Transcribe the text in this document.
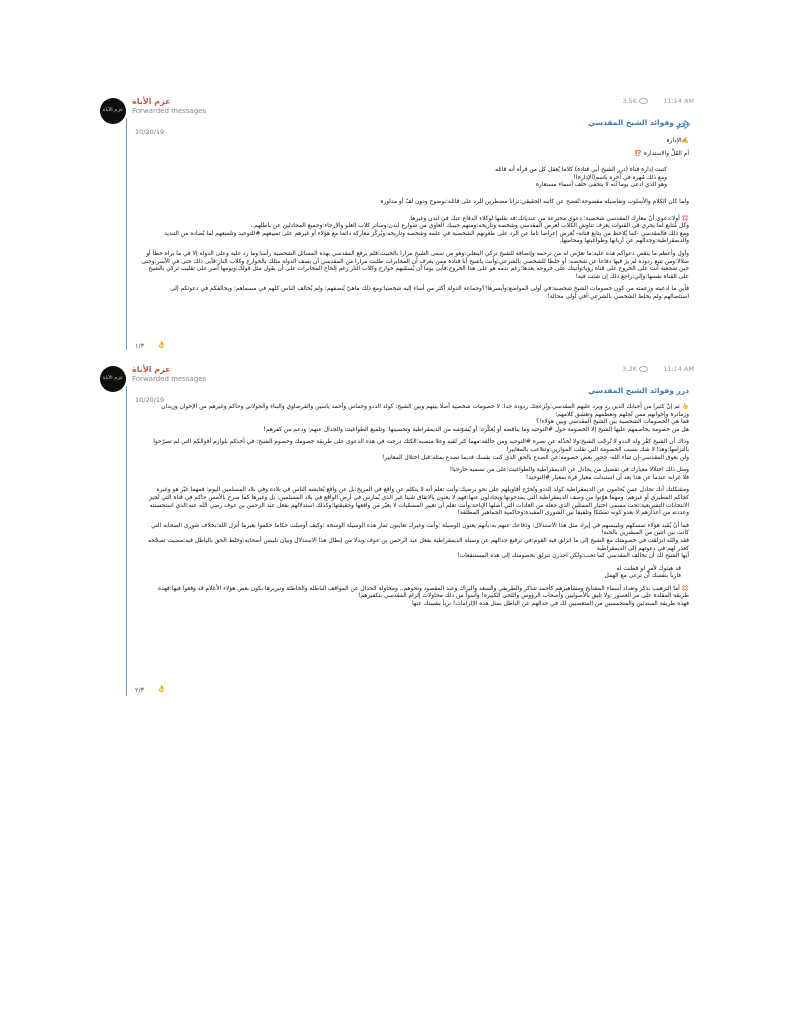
عزم الأباة
عزم الأباة
Forwarded messages
3.5K	11:14 AM
درر وفوائد الشيخ المقدسي
10/20/19

✍️الإدارة

أم القَلِّ والاستدارة ⁉️

كتبت إدارة قناة (درر الشيخ أبي قتادة) كلاما يُعقل كل من قرأه أنه قائله
ومع ذلك مُهره في آخره باسم(الإدارة)!
وهو الذي ادعى يوما أنه لا يتخفى خلف أسماء مستعارة

ولما كان الكلام والأسلوب وتفاصيله مفضوحة:تُفضح عن كاتبه الحقيقي:ترانا مضطرين للرد على قائله:بوضوح ودون لفّ أو مداورة

💢 أولا:دعوى أنّ معارك المقدسي شخصية: دعوى مخترعة من عنديانك:قد نقلنها لوكلاء الدفاع عنك في لندن وغيرها.
وكل مُتابع لما يجري في القنوات يعرف تناوش الكلاب لعرض المقدسي وشخصه وتاريخه:ومنهم حبيبك العاوي من شوارع لندن:وسائر كلاب الغلو والإرجاء:وجميع المجادلين عن باطلهم..
ومع ذلك فالمقدسي -كما يُلاحظ من يتابع قناته- يُعرض إعراضا تاما عن الرد على طعونهم الشخصية في علمه وشخصه وتاريخه:ويُركّز معاركه دائما مع هؤلاء أو غيرهم على تمييعهم #للتوحيد وتلميعهم لما يُضاده من التنديد والديمقراطية:وجدالهم عن أربابها وطواغيتها ومحاميها.

وأول وأعظم ما ينقض دعواكم هذه عليه:ما تعرّض له من ترحمه وإنصافه للشيخ تركي البنعلي:وهو من سمى الشيخ مرارا بالخبيث:فلم يرفع المقدسي بهذه المسائل الشخصية رأسا:وما رد عليه وعلى الدولة إلا في ما يراه خطأ أو ضلالا:ومن تتبع ردوده لم يرَ فيها دفاعا عن شخصه: أو خلطا للشخصي بالشرعي:وأنت ياشيخ أبا قتادة ممن يعرف أن المخابرات طلبت مرارا من المقدسي أن يصف الدولة مثلك بالخوارج وكلاب النار:فأبى ذلك حتى في الأسر:وحتى حين شجعته أنت على الخروج على قناة رؤيا:وأتيتك على خروجه بعدها:رغم ندمه هو على هذا الخروج:فأبى يوما أن يُسمّيهم خوارج وكلاب النار رغم إلحاح المخابرات على أن يقول مثل قولك:ويومها أصر على تقليب تركي بالشيخ على القناة نفسها:وإلي:راجع ذلك إن شئت فيه!

فأين ما ادعيته وزعمته من كون خصومات الشيخ شخصية:في أولى المواضع:وأيسرها!؟وجماعة الدولة أكثر من أساء إليه شخصيا:ومع ذلك ماهيّ يُنصفهم: ولم يُخالف الناس كلهم في مسماهم: ويخالفكم في دعوتكم إلى استئصالهم:ولم يخلط الشخصي بالشرعي:أفي أولى محالة!

١/٣ 👌
عزم الأباة
عزم الأباة
Forwarded messages
3.2K	11:14 AM
درر وفوائد الشيخ المقدسي
10/20/19

👆 ثم إنّ كثيرا من أحبابك الذين رد ويرد عليهم المقدسي:وتُزعجك ردوده جدا: لا خصومات شخصية أصلا بينهم وبين الشيخ: كولد الددو وحماس وأحمد ياسين والقرضاوي والبناء والجولاني وحاكم وغيرهم من الإخوان وزيدان وزماترة وإخوانهم ممن تُجلهم وتعظّمهم وتعشق كلامهم:
فما هي الخصومات الشخصية بين الشيخ المقدسي وبين هؤلاء!؟
هل من خصومة يخاصمهم عليها الشيخ إلا الخصومة حول #التوحيد وما يناقضه أو يُعكّره: أو يُشوّشه من الديمقراطية وتحسينها: وتلميع الطواغيت والجدال عنهم: ودعم من كفرهم!

وذاك أن الشيخ كفّر ولد الددو لا تُرجّب الشيخ:ولا تُخذّله عن نصرة #التوحيد ومن خالفه:مهما كثر لقبه وعلا منصبه:الكثك درجت في هذه الدعوى على طريقة خصومك وخصوم الشيخ: في أخذكم بلوازم أقوالكم التي لم تصرّحوا بالتزامها:وهذا لا شك بسبب الخصومة التي تقلب الموازين:وتتلاعب بالمعايير!
ولن يعوق المقدسي-إن شاء الله- جحور بعض خصومه:عن الصدع بالحق الذي كنت نفسك قديما تصدع بمثله:قبل اختلال المعايير!

ومثل ذلك اختلالا معيارك في تفضيل من يجادل عن الديمقراطية والطواغيت:على من تسميه خارجيا!
فلا غرابة عندما عن هذا بعد أن استبدلت معيار قرة بمعيار #التوحيد!

ومشكلتك أنك تجادل عمن يُحامون عن الديمقراطية كولد الددو وتُخرّج أقاويلهم على نحو يرضيك:وأنت تعلم أنه لا يتكلم عن واقع في المريخ:بل عن واقع يُعايشه الناس في بلاده وفي بلاد المسلمين اليوم: فمهما غيّر هو وغيره كحاكم المطيري أو غيرهم: ومهما هوّنوا من وصف الديمقراطية التي يمدحونها ويجادلون عنها:فهم لا يعنون بالاتفاق شيئا غير الذي يُمارس في أرض الواقع في بلاد المسلمين: بل وغيرها كما صرح بالأمس حاكم في قناة التي تُجيز الانتخابات التشريعية:تحت مسمى اختيار الممثلين الذي جعله من العادات التي أصلها الإباحة:وأنت تعلم أن تغيير المسمّيات لا يغيّر من واقعها وحقيقتها:وكذلك استدلالهم بفعل عبد الرحمن بن عوف رضي الله عنه:الذي استحسنته وعددته من أعذارهم:لا يعدو كونه تمسّكا وتلقيفا بين الشورى المقيدة:وحاكمية الجماهير المطلقة!

فما أنْ يُقيد هؤلاء تمسكهم وتلبيسهم في إيراد مثل هذا الاستدلال: وذفاعك عنهم به:بأنهم يعنون الوسيلة :وأنت وغيرك تعاينون ثمار هذه الوسيلة الوسخة :وكيف أوصلت حكاما حكموا بغيرما أنزل الله:بخلاف شورى الصحابة التي كانت بين اثنين من المبشرين بالجنة!
فقد والله انزلقت في خصومتك مع الشيخ إلى ما انزلق فيه القوم:في ترقيع جدالهم عن وسيلة الديمقراطية بفعل عبد الرحمن بن عوف:وبدلا من إبطال هذا الاستدلال وبيان تلبيس أصحابه:وخلط الحق بالباطل فيه:مضيت تصحّحه كعذر لهم:في دعوتهم إلى الديمقراطية
أيها الشيخ لك أن تخالف المقدسي كما تحب:ولكن احذرن تنزلق بخصومتك إلى هذه المستنقعات!

قد هيئوك لأمرٍ لو فطنت له
فاربأ بنفسك أن ترعى مع الهمل

💢 أما الترهيب بذكر وتعداد أسماء المشايخ ومشاهيرهم كأحمد شاكر والطريفي والسعد والبراك وعبد المقصود ونحوهم.. ومحاولة الجدال عن المواقف الباطلة والخاطئة وتبريرها بكون بعض هؤلاء الأعلام قد وقعوا فيها:فهذه طريقة المقلدة على مر العصور :ولا تليق بالأصوليين وأصحاب الرؤوس واللحى الكبيرة! وأسوأ من ذلك محاولات إلزام المقدسي بتكفيرهم!
فهذه طريقة المبتدئين والمتحمسين من المتعصبين لك في جدالهم عن الباطل بمثل هذه الإلزامات! نربأ بشيبتك عنها

٢/٣ 👌
